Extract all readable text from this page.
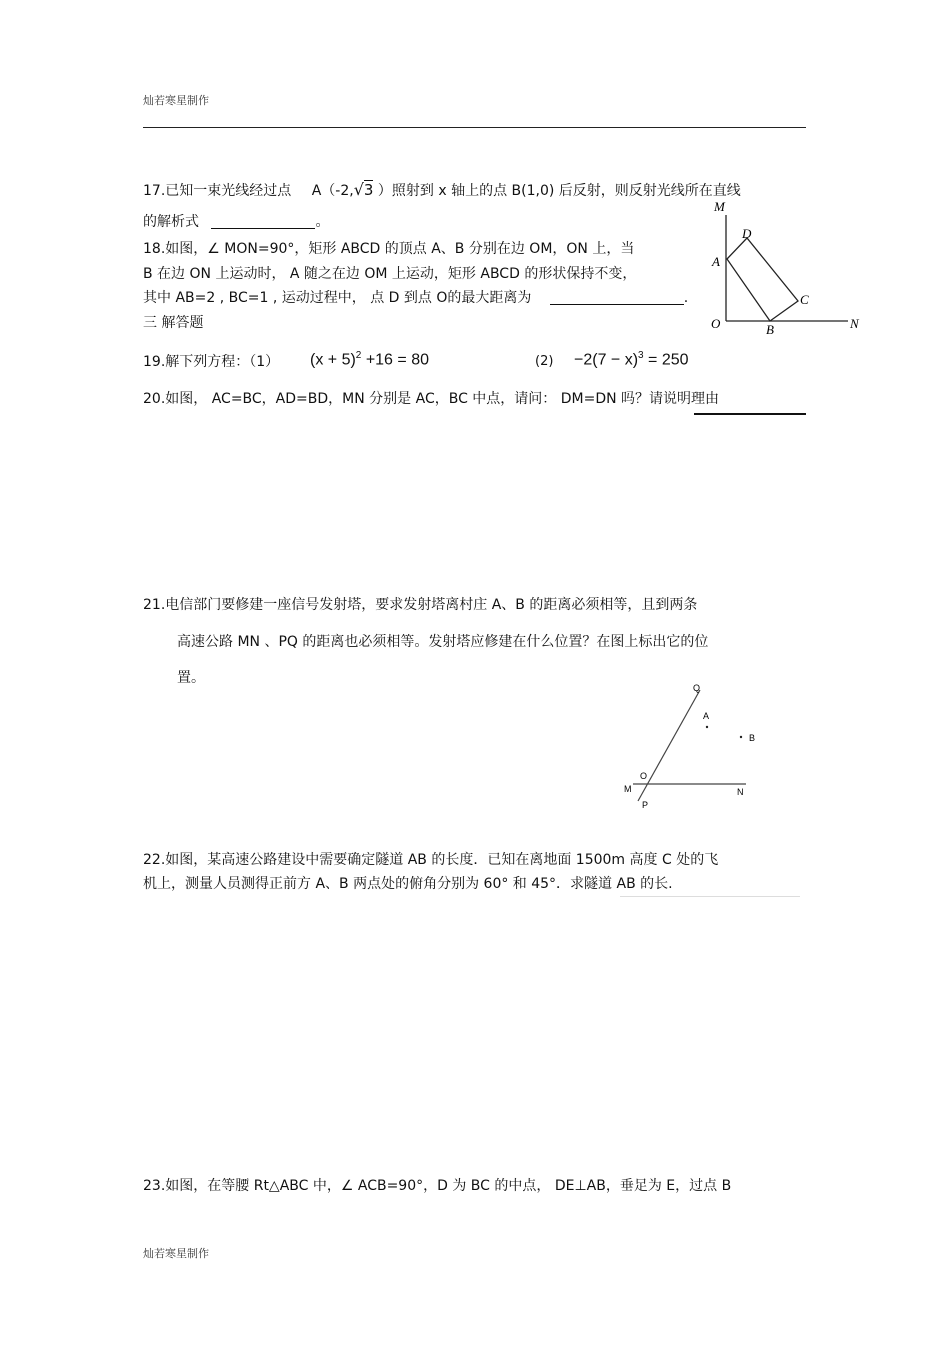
灿若寒星制作
17.已知一束光线经过点 A（-2,√3 ）照射到 x 轴上的点 B(1,0) 后反射，则反射光线所在直线
的解析式	。
18.如图，∠ MON=90°，矩形 ABCD 的顶点 A、B 分别在边 OM，ON 上，当
B 在边 ON 上运动时， A 随之在边 OM 上运动，矩形 ABCD 的形状保持不变，
其中 AB=2 , BC=1 , 运动过程中， 点 D 到点 O的最大距离为	.
M
D
A
C
O	B	N
三 解答题
19.解下列方程：（1） $(x + 5)^2 +16 = 80$	$(2) -2(7 - x)^3 = 250$
20.如图， AC=BC，AD=BD，MN 分别是 AC，BC 中点，请问： DM=DN 吗？请说明理由
21.电信部门要修建一座信号发射塔，要求发射塔离村庄 A、B 的距离必须相等，且到两条
高速公路 MN 、PQ 的距离也必须相等。发射塔应修建在什么位置？在图上标出它的位
置。
Q
A
B
O
M	N
P
22.如图，某高速公路建设中需要确定隧道 AB 的长度．已知在离地面 1500m 高度 C 处的飞
机上，测量人员测得正前方 A、B 两点处的俯角分别为 60° 和 45°．求隧道 AB 的长.
23.如图，在等腰 Rt△ABC 中，∠ ACB=90°，D 为 BC 的中点， DE⊥AB，垂足为 E，过点 B
灿若寒星制作
